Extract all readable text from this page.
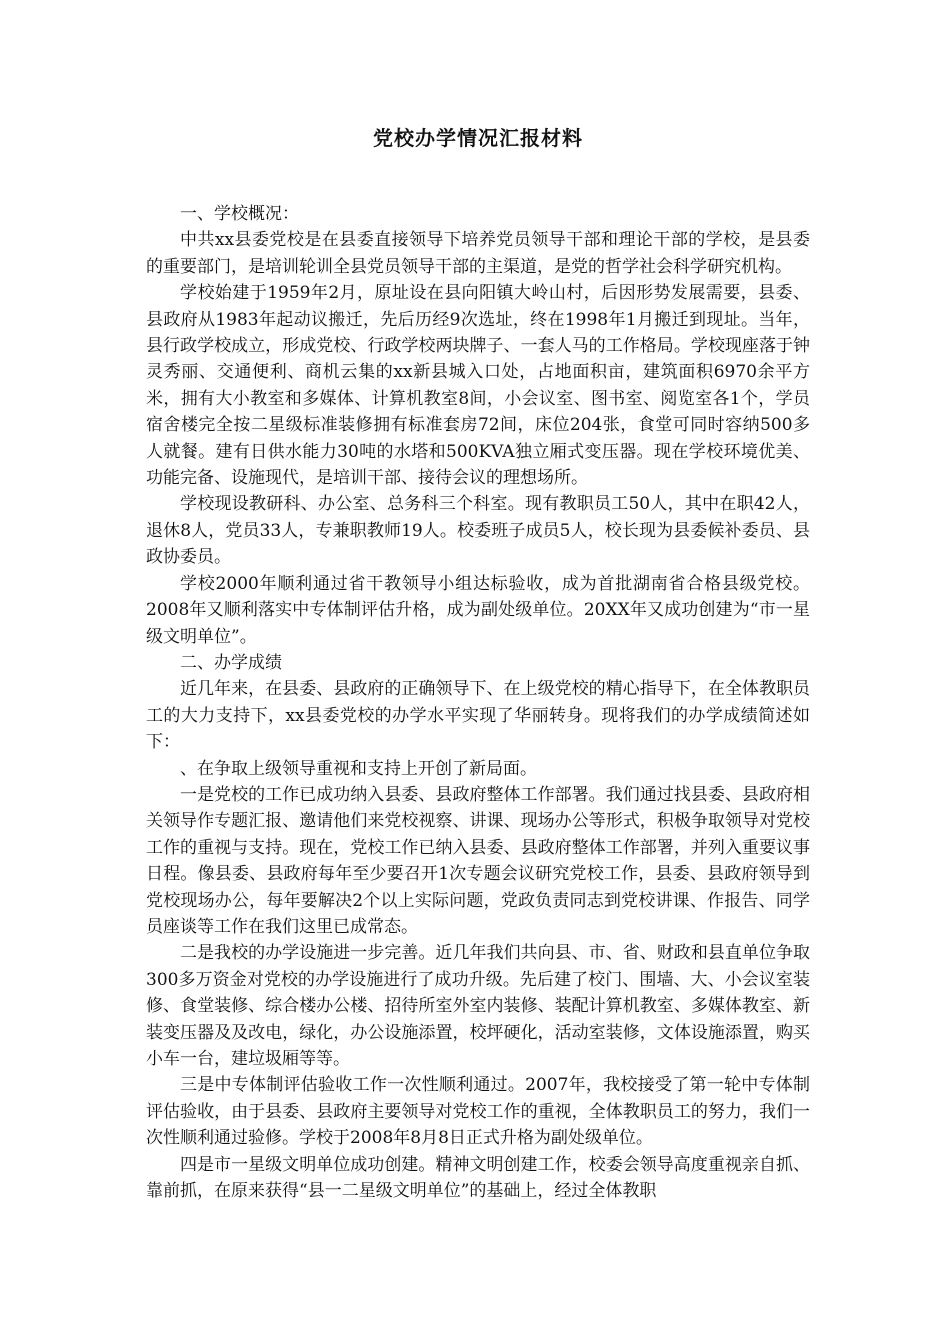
党校办学情况汇报材料

一、学校概况：

中共xx县委党校是在县委直接领导下培养党员领导干部和理论干部的学校，是县委的重要部门，是培训轮训全县党员领导干部的主渠道，是党的哲学社会科学研究机构。

学校始建于1959年2月，原址设在县向阳镇大岭山村，后因形势发展需要，县委、县政府从1983年起动议搬迁，先后历经9次选址，终在1998年1月搬迁到现址。当年，县行政学校成立，形成党校、行政学校两块牌子、一套人马的工作格局。学校现座落于钟灵秀丽、交通便利、商机云集的xx新县城入口处，占地面积亩，建筑面积6970余平方米，拥有大小教室和多媒体、计算机教室8间，小会议室、图书室、阅览室各1个，学员宿舍楼完全按二星级标准装修拥有标准套房72间，床位204张，食堂可同时容纳500多人就餐。建有日供水能力30吨的水塔和500KVA独立厢式变压器。现在学校环境优美、功能完备、设施现代，是培训干部、接待会议的理想场所。

学校现设教研科、办公室、总务科三个科室。现有教职员工50人，其中在职42人，退休8人，党员33人，专兼职教师19人。校委班子成员5人，校长现为县委候补委员、县政协委员。

学校2000年顺利通过省干教领导小组达标验收，成为首批湖南省合格县级党校。2008年又顺利落实中专体制评估升格，成为副处级单位。20XX年又成功创建为“市一星级文明单位”。

二、办学成绩

近几年来，在县委、县政府的正确领导下、在上级党校的精心指导下，在全体教职员工的大力支持下，xx县委党校的办学水平实现了华丽转身。现将我们的办学成绩简述如下：

、在争取上级领导重视和支持上开创了新局面。

一是党校的工作已成功纳入县委、县政府整体工作部署。我们通过找县委、县政府相关领导作专题汇报、邀请他们来党校视察、讲课、现场办公等形式，积极争取领导对党校工作的重视与支持。现在，党校工作已纳入县委、县政府整体工作部署，并列入重要议事日程。像县委、县政府每年至少要召开1次专题会议研究党校工作，县委、县政府领导到党校现场办公，每年要解决2个以上实际问题，党政负责同志到党校讲课、作报告、同学员座谈等工作在我们这里已成常态。

二是我校的办学设施进一步完善。近几年我们共向县、市、省、财政和县直单位争取300多万资金对党校的办学设施进行了成功升级。先后建了校门、围墙、大、小会议室装修、食堂装修、综合楼办公楼、招待所室外室内装修、装配计算机教室、多媒体教室、新装变压器及及改电，绿化，办公设施添置，校坪硬化，活动室装修，文体设施添置，购买小车一台，建垃圾厢等等。

三是中专体制评估验收工作一次性顺利通过。2007年，我校接受了第一轮中专体制评估验收，由于县委、县政府主要领导对党校工作的重视，全体教职员工的努力，我们一次性顺利通过验修。学校于2008年8月8日正式升格为副处级单位。

四是市一星级文明单位成功创建。精神文明创建工作，校委会领导高度重视亲自抓、靠前抓，在原来获得“县一二星级文明单位”的基础上，经过全体教职
